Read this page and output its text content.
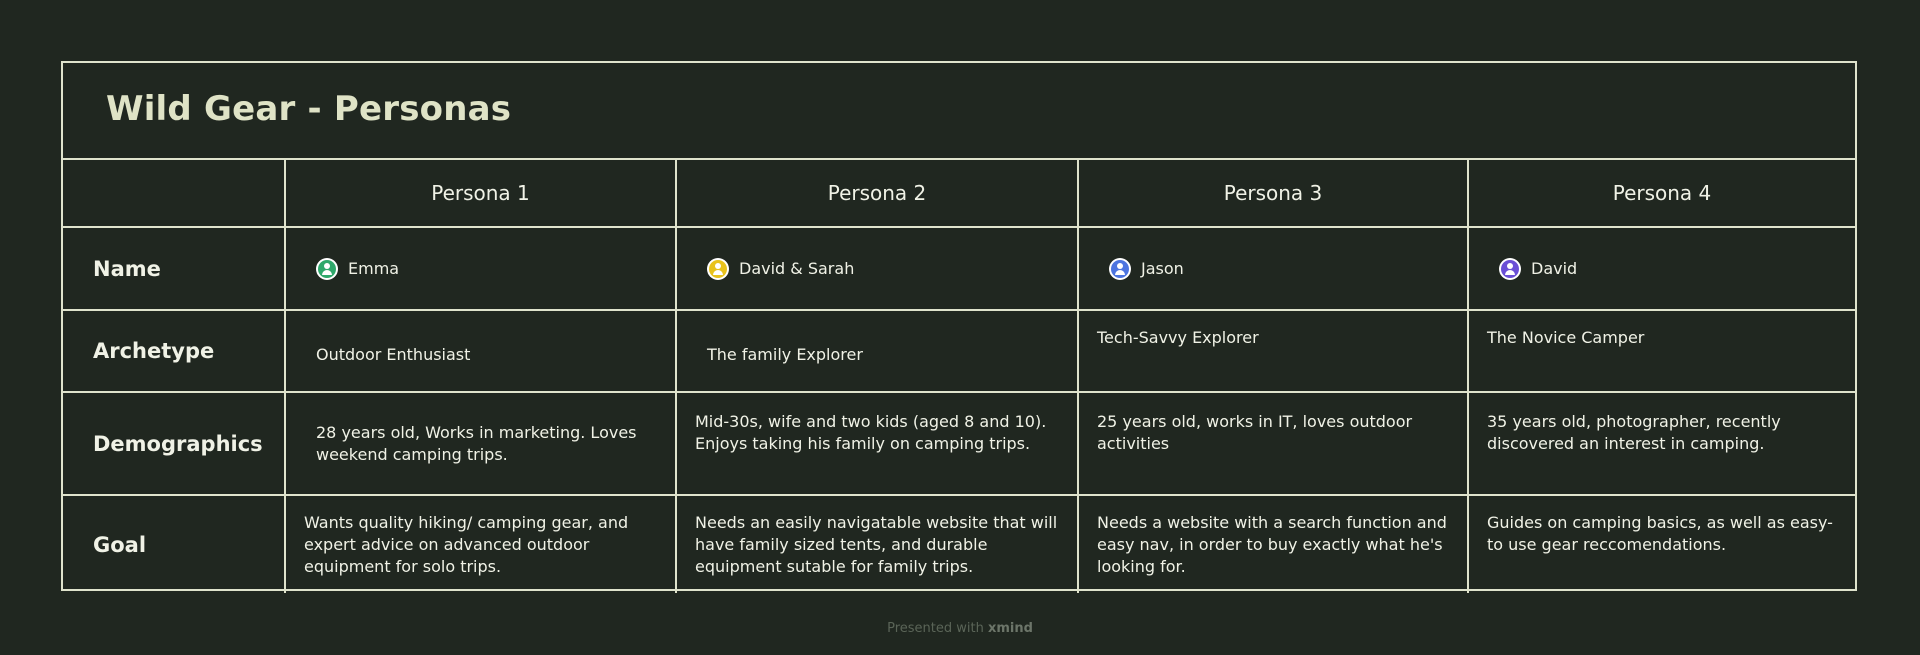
Wild Gear - Personas
	Persona 1	Persona 2	Persona 3	Persona 4
Name	Emma	David & Sarah	Jason	David

Archetype	Outdoor Enthusiast	The family Explorer	Tech-Savvy Explorer	The Novice Camper
Demographics	28 years old, Works in marketing. Loves weekend camping trips.	Mid-30s, wife and two kids (aged 8 and 10). Enjoys taking his family on camping trips.	25 years old, works in IT, loves outdoor activities	35 years old, photographer, recently discovered an interest in camping.
Goal	Wants quality hiking/ camping gear, and expert advice on advanced outdoor equipment for solo trips.	Needs an easily navigatable website that will have family sized tents, and durable equipment sutable for family trips.	Needs a website with a search function and easy nav, in order to buy exactly what he's looking for.	Guides on camping basics, as well as easy-to use gear reccomendations.
Presented with xmind
